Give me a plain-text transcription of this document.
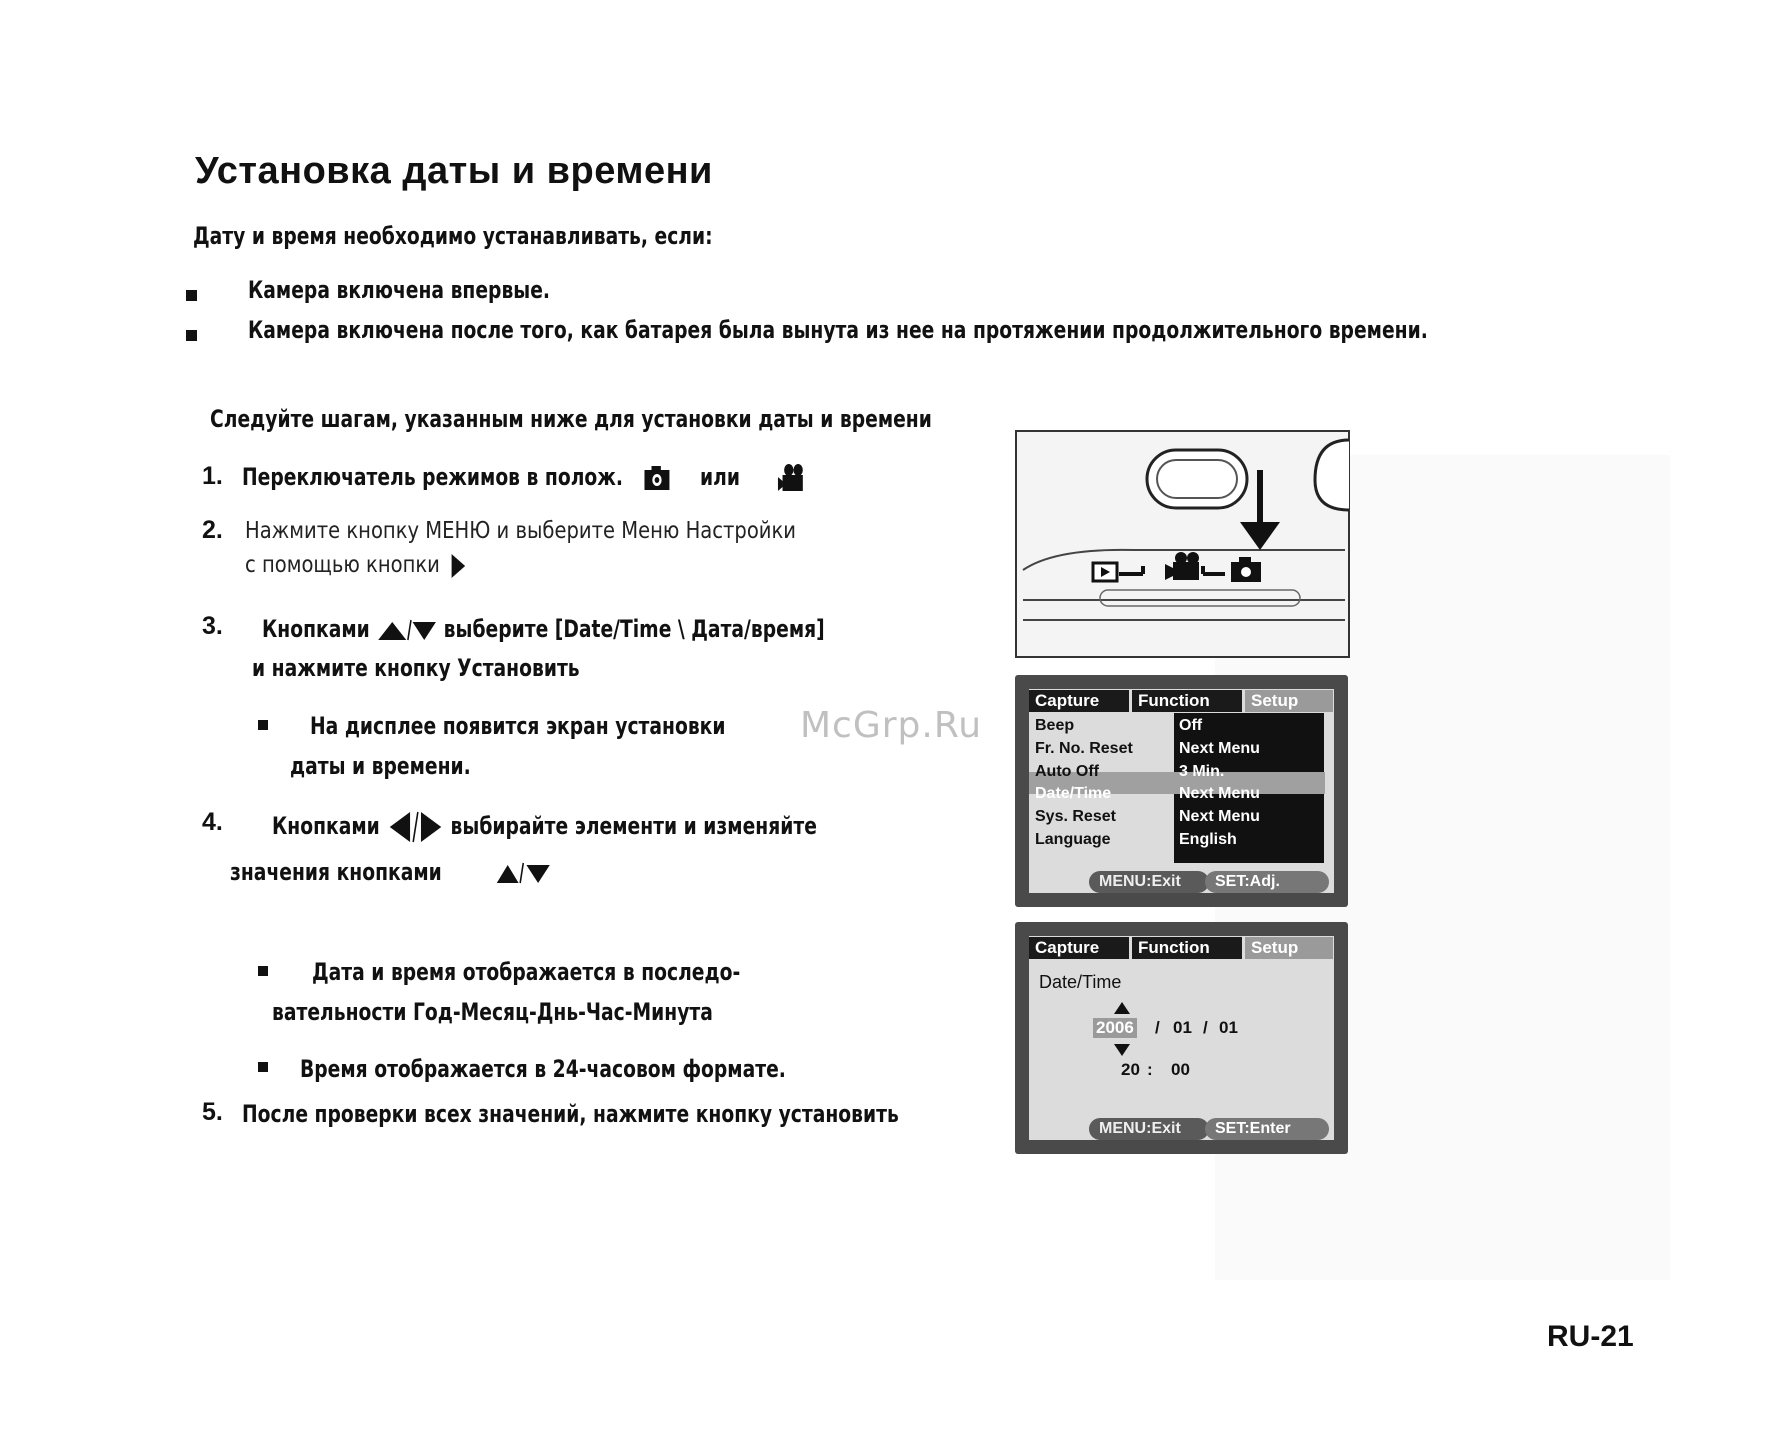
Установка даты и времени
Дату и время необходимо устанавливать, если:
Камера включена впервые.
Камера включена после того, как батарея была вынута из нее на протяжении продолжительного времени.
Следуйте шагам, указанным ниже для установки даты и времени
1. Переключатель режимов в полож.	или
2. Нажмите кнопку МЕНЮ и выберите Меню Настройки
с помощью кнопки
3. Кнопками	выберите [Date/Time \ Дата/время]
и нажмите кнопку Установить
На дисплее появится экран установки
даты и времени.
4. Кнопками	выбирайте элементи и изменяйте
значения кнопками
Дата и время отображается в последо-
вательности Год-Месяц-Днь-Час-Минута
Время отображается в 24-часовом формате.
5. После проверки всех значений, нажмите кнопку установить
McGrp.Ru
Capture	Function	Setup
Beep	Off
Fr. No. Reset	Next Menu
Auto Off	3 Min.
Date/Time	Next Menu
Sys. Reset	Next Menu
Language	English
MENU:Exit	SET:Adj.
Capture	Function	Setup
Date/Time
2006 / 01 / 01
20 : 00
MENU:Exit	SET:Enter
RU-21
